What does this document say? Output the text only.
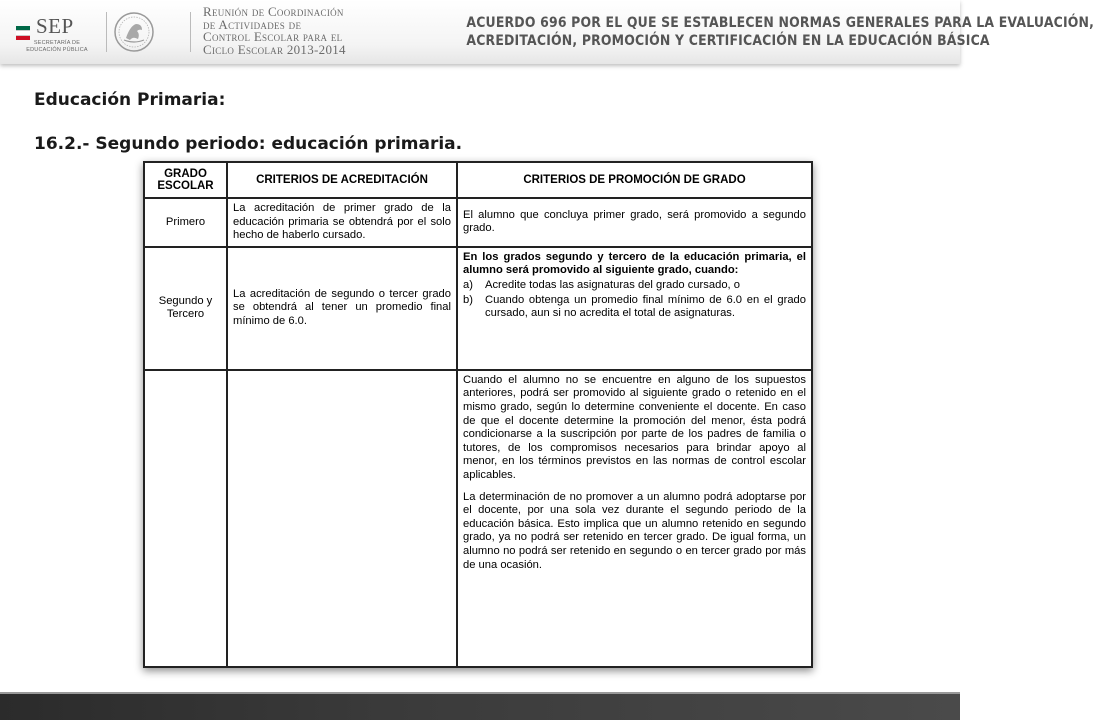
SEP
SECRETARÍA DE
EDUCACIÓN PÚBLICA
Reunión de Coordinación
de Actividades de
Control Escolar para el
Ciclo Escolar 2013-2014
ACUERDO 696 POR EL QUE SE ESTABLECEN NORMAS GENERALES PARA LA EVALUACIÓN,
ACREDITACIÓN, PROMOCIÓN Y CERTIFICACIÓN EN LA EDUCACIÓN BÁSICA
Educación Primaria:
16.2.- Segundo periodo: educación primaria.
GRADO ESCOLAR	CRITERIOS DE ACREDITACIÓN	CRITERIOS DE PROMOCIÓN DE GRADO
Primero	La acreditación de primer grado de la educación primaria se obtendrá por el solo hecho de haberlo cursado.	El alumno que concluya primer grado, será promovido a segundo grado.
Segundo y Tercero	La acreditación de segundo o tercer grado se obtendrá al tener un promedio final mínimo de 6.0.	En los grados segundo y tercero de la educación primaria, el alumno será promovido al siguiente grado, cuando:
a) Acredite todas las asignaturas del grado cursado, o
b) Cuando obtenga un promedio final mínimo de 6.0 en el grado cursado, aun si no acredita el total de asignaturas.

		Cuando el alumno no se encuentre en alguno de los supuestos anteriores, podrá ser promovido al siguiente grado o retenido en el mismo grado, según lo determine conveniente el docente. En caso de que el docente determine la promoción del menor, ésta podrá condicionarse a la suscripción por parte de los padres de familia o tutores, de los compromisos necesarios para brindar apoyo al menor, en los términos previstos en las normas de control escolar aplicables.
La determinación de no promover a un alumno podrá adoptarse por el docente, por una sola vez durante el segundo periodo de la educación básica. Esto implica que un alumno retenido en segundo grado, ya no podrá ser retenido en tercer grado. De igual forma, un alumno no podrá ser retenido en segundo o en tercer grado por más de una ocasión.
